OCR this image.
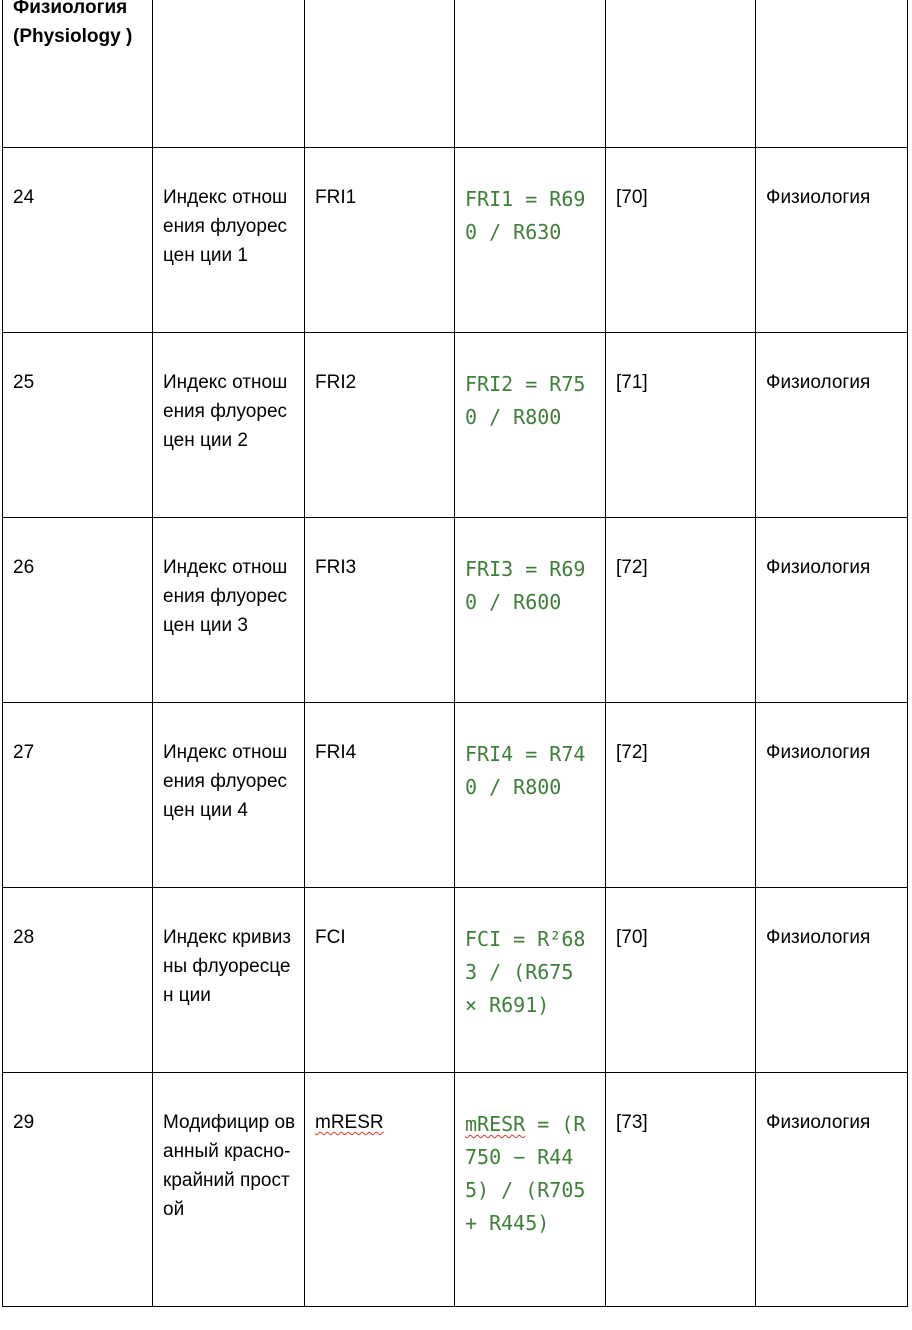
Физиология (Physiology )					

24	Индекс отношения флуоресцен ции 1	FRI1	FRI1 = R690 / R630	[70]	Физиология

25	Индекс отношения флуоресцен ции 2	FRI2	FRI2 = R750 / R800	[71]	Физиология

26	Индекс отношения флуоресцен ции 3	FRI3	FRI3 = R690 / R600	[72]	Физиология

27	Индекс отношения флуоресцен ции 4	FRI4	FRI4 = R740 / R800	[72]	Физиология

28	Индекс кривизны флуоресцен ции	FCI	FCI = R²683 / (R675 × R691)	[70]	Физиология

29	Модифицир ованный красно- крайний простой	mRESR	mRESR = (R750 − R445) / (R705 + R445)	[73]	Физиология
